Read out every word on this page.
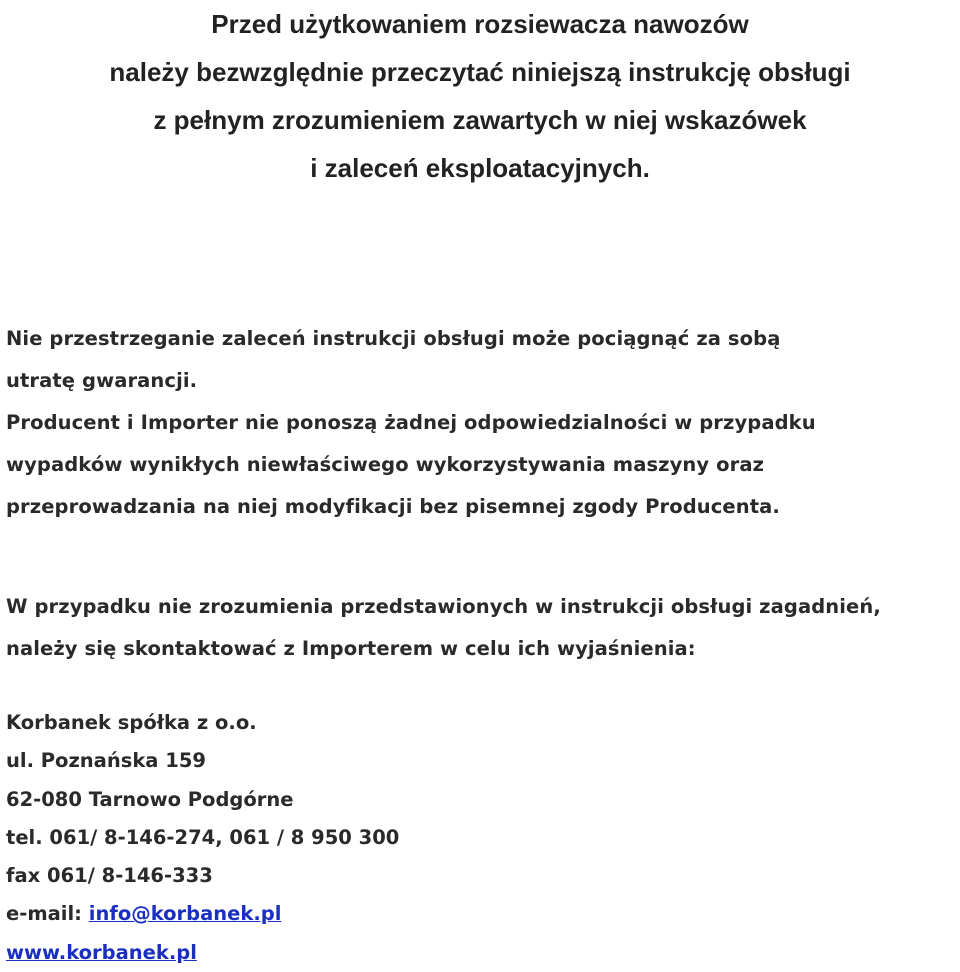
Przed użytkowaniem rozsiewacza nawozów
należy bezwzględnie przeczytać niniejszą instrukcję obsługi
z pełnym zrozumieniem zawartych w niej wskazówek
i zaleceń eksploatacyjnych.
Nie przestrzeganie zaleceń instrukcji obsługi może pociągnąć za sobą
utratę gwarancji.
Producent i Importer nie ponoszą żadnej odpowiedzialności w przypadku
wypadków wynikłych niewłaściwego wykorzystywania maszyny oraz
przeprowadzania na niej modyfikacji bez pisemnej zgody Producenta.
W przypadku nie zrozumienia przedstawionych w instrukcji obsługi zagadnień,
należy się skontaktować z Importerem w celu ich wyjaśnienia:
Korbanek spółka z o.o.
ul. Poznańska 159
62-080 Tarnowo Podgórne
tel. 061/ 8-146-274, 061 / 8 950 300
fax 061/ 8-146-333
e-mail: info@korbanek.pl
www.korbanek.pl
